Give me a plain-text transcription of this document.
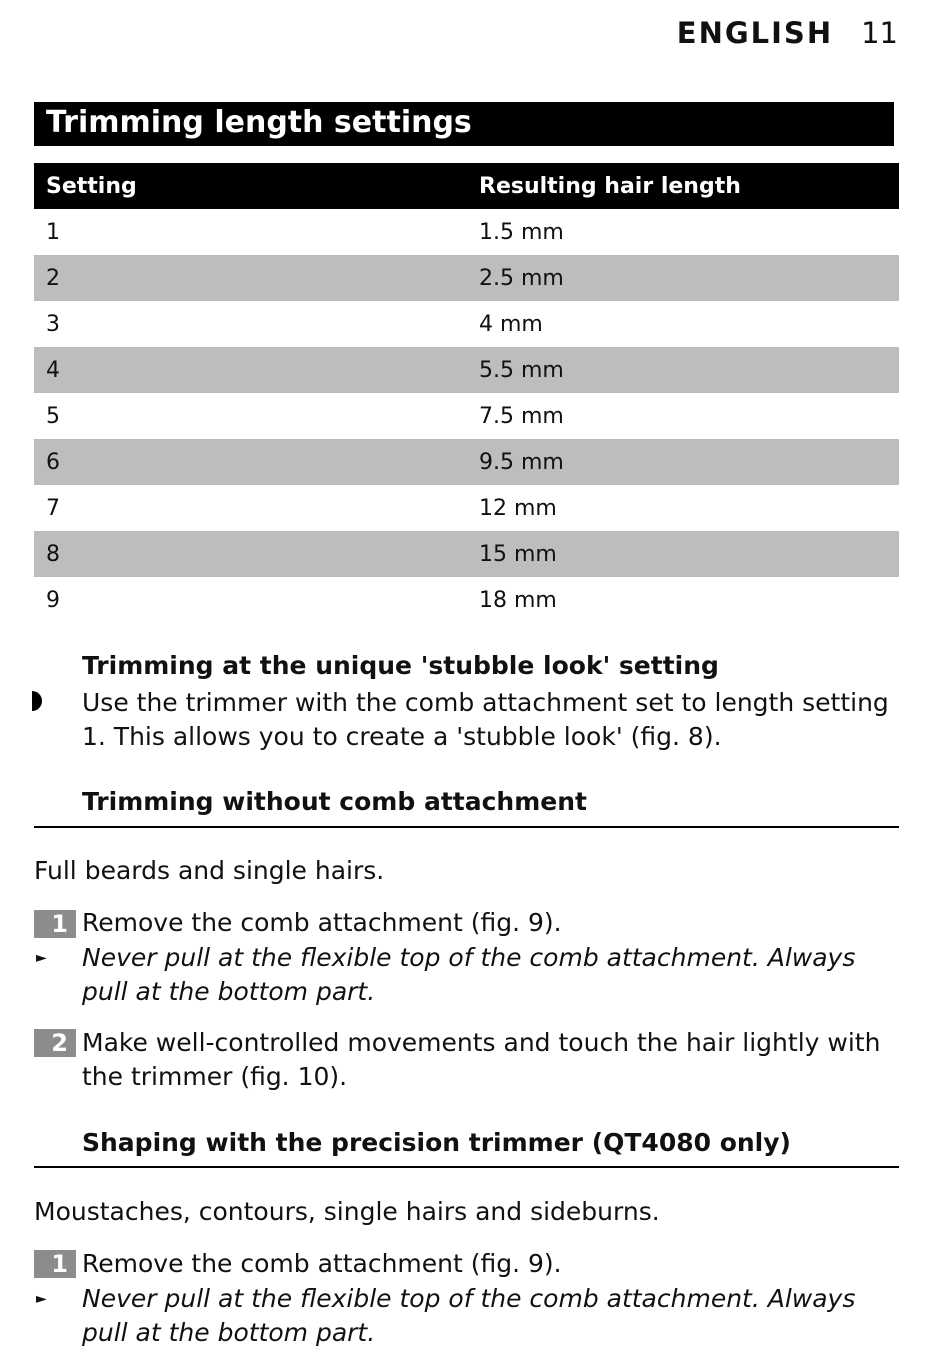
ENGLISH 11
Trimming length settings
Setting	Resulting hair length
1	1.5 mm
2	2.5 mm
3	4 mm
4	5.5 mm
5	7.5 mm
6	9.5 mm
7	12 mm
8	15 mm
9	18 mm
Trimming at the unique 'stubble look' setting
Use the trimmer with the comb attachment set to length setting 1. This allows you to create a 'stubble look' (fig. 8).
Trimming without comb attachment
Full beards and single hairs.
1 Remove the comb attachment (fig. 9).
► Never pull at the flexible top of the comb attachment. Always pull at the bottom part.
2 Make well-controlled movements and touch the hair lightly with the trimmer (fig. 10).
Shaping with the precision trimmer (QT4080 only)
Moustaches, contours, single hairs and sideburns.
1 Remove the comb attachment (fig. 9).
► Never pull at the flexible top of the comb attachment. Always pull at the bottom part.
